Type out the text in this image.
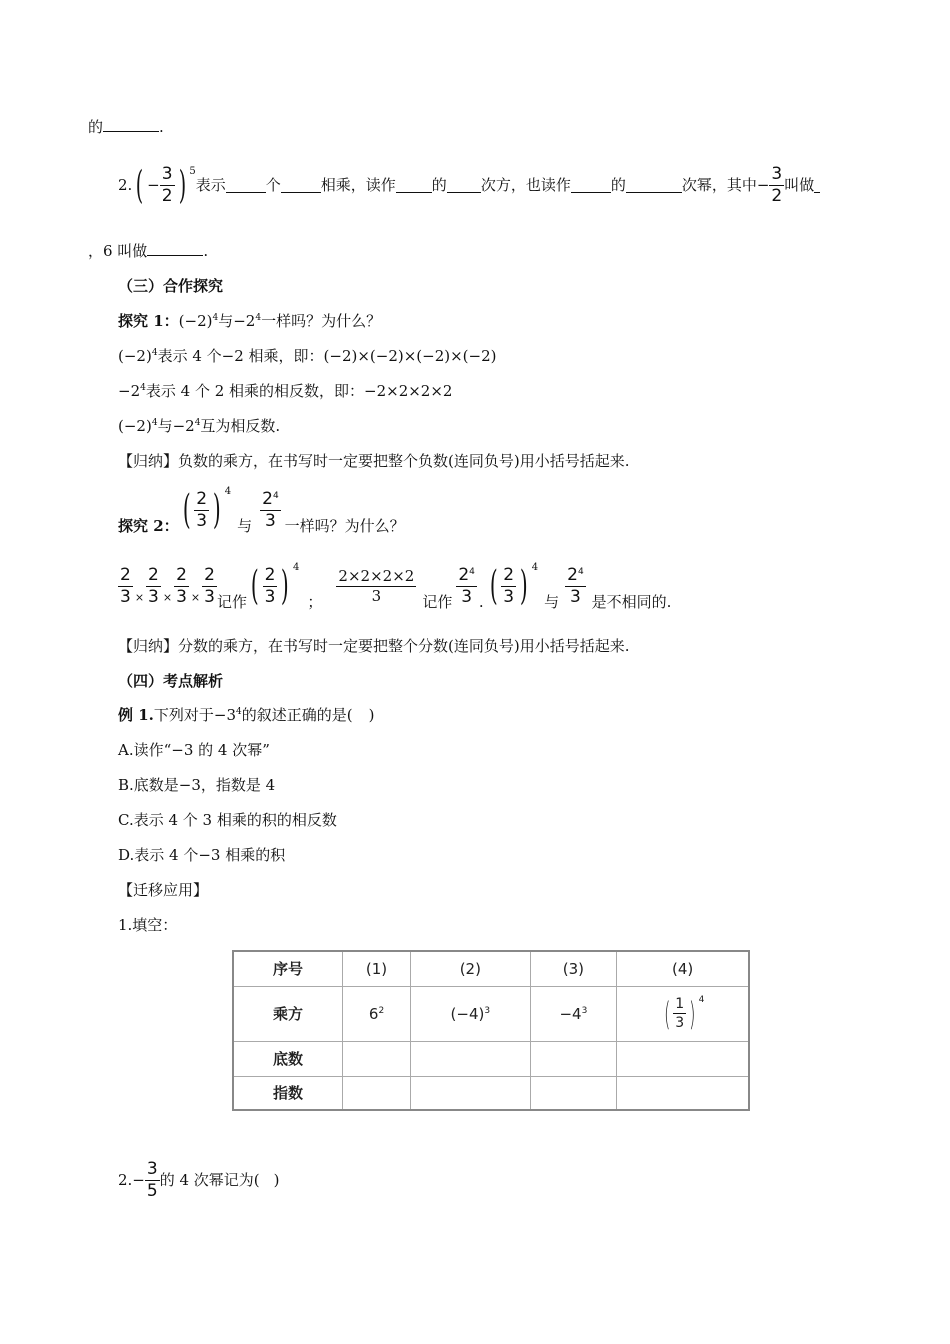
的	.
2. ( − $\frac{3}{2}$ ) 5
表示	个	相乘，读作 的 次方，也读作	的	次幂，其中− $\frac{3}{2}$ 叫做
，6 叫做	.
（三）合作探究
探究 1：$(-2)^4$与$-2^4$一样吗？为什么？
$(-2)^4$表示 4 个−2 相乘，即：(−2)×(−2)×(−2)×(−2)
$-2^4$表示 4 个 2 相乘的相反数，即：−2×2×2×2
$(-2)^4$与$-2^4$互为相反数.
【归纳】负数的乘方，在书写时一定要把整个负数(连同负号)用小括号括起来.
探究 2： ( $\frac{2}{3}$ ) 4
与 $\frac{2^4}{3}$ 一样吗？为什么？
$\frac{2}{3} \times \frac{2}{3} \times \frac{2}{3} \times \frac{2}{3}$ 记作 ( $\frac{2}{3}$ ) 4
； $\frac{2\times 2\times 2\times 2}{3}$ 记作 $\frac{2^4}{3}$ . ( $\frac{2}{3}$ ) 4
与 $\frac{2^4}{3}$ 是不相同的.
【归纳】分数的乘方，在书写时一定要把整个分数(连同负号)用小括号括起来.
（四）考点解析
例 1.下列对于$-3^4$的叙述正确的是( )
A.读作“−3 的 4 次幂”
B.底数是−3，指数是 4
C.表示 4 个 3 相乘的积的相反数
D.表示 4 个−3 相乘的积
【迁移应用】
1.填空：
序号	(1)	(2)	(3)	(4)
乘方	$6^2$	$(-4)^3$	$-4^3$	( $\frac{1}{3}$ ) 4

底数				
指数				
$2.- \frac{3}{5}$ 的 4 次幂记为( )
